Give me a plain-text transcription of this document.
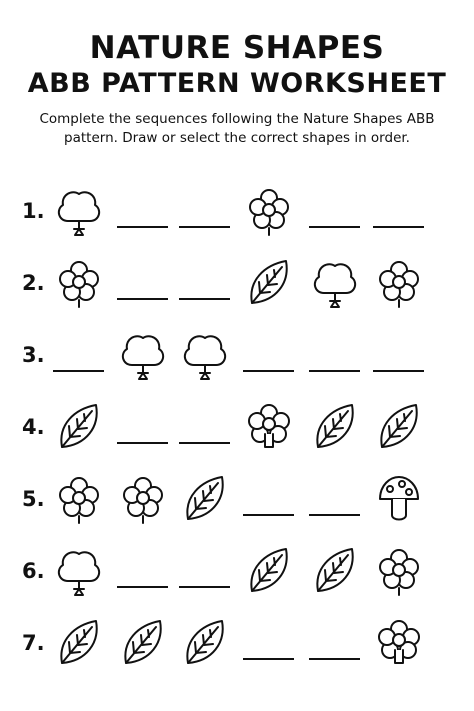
NATURE SHAPES
ABB PATTERN WORKSHEET

Complete the sequences following the Nature Shapes ABB pattern. Draw or select the correct shapes in order.

1.
2.
3.
4.
5.
6.
7.
